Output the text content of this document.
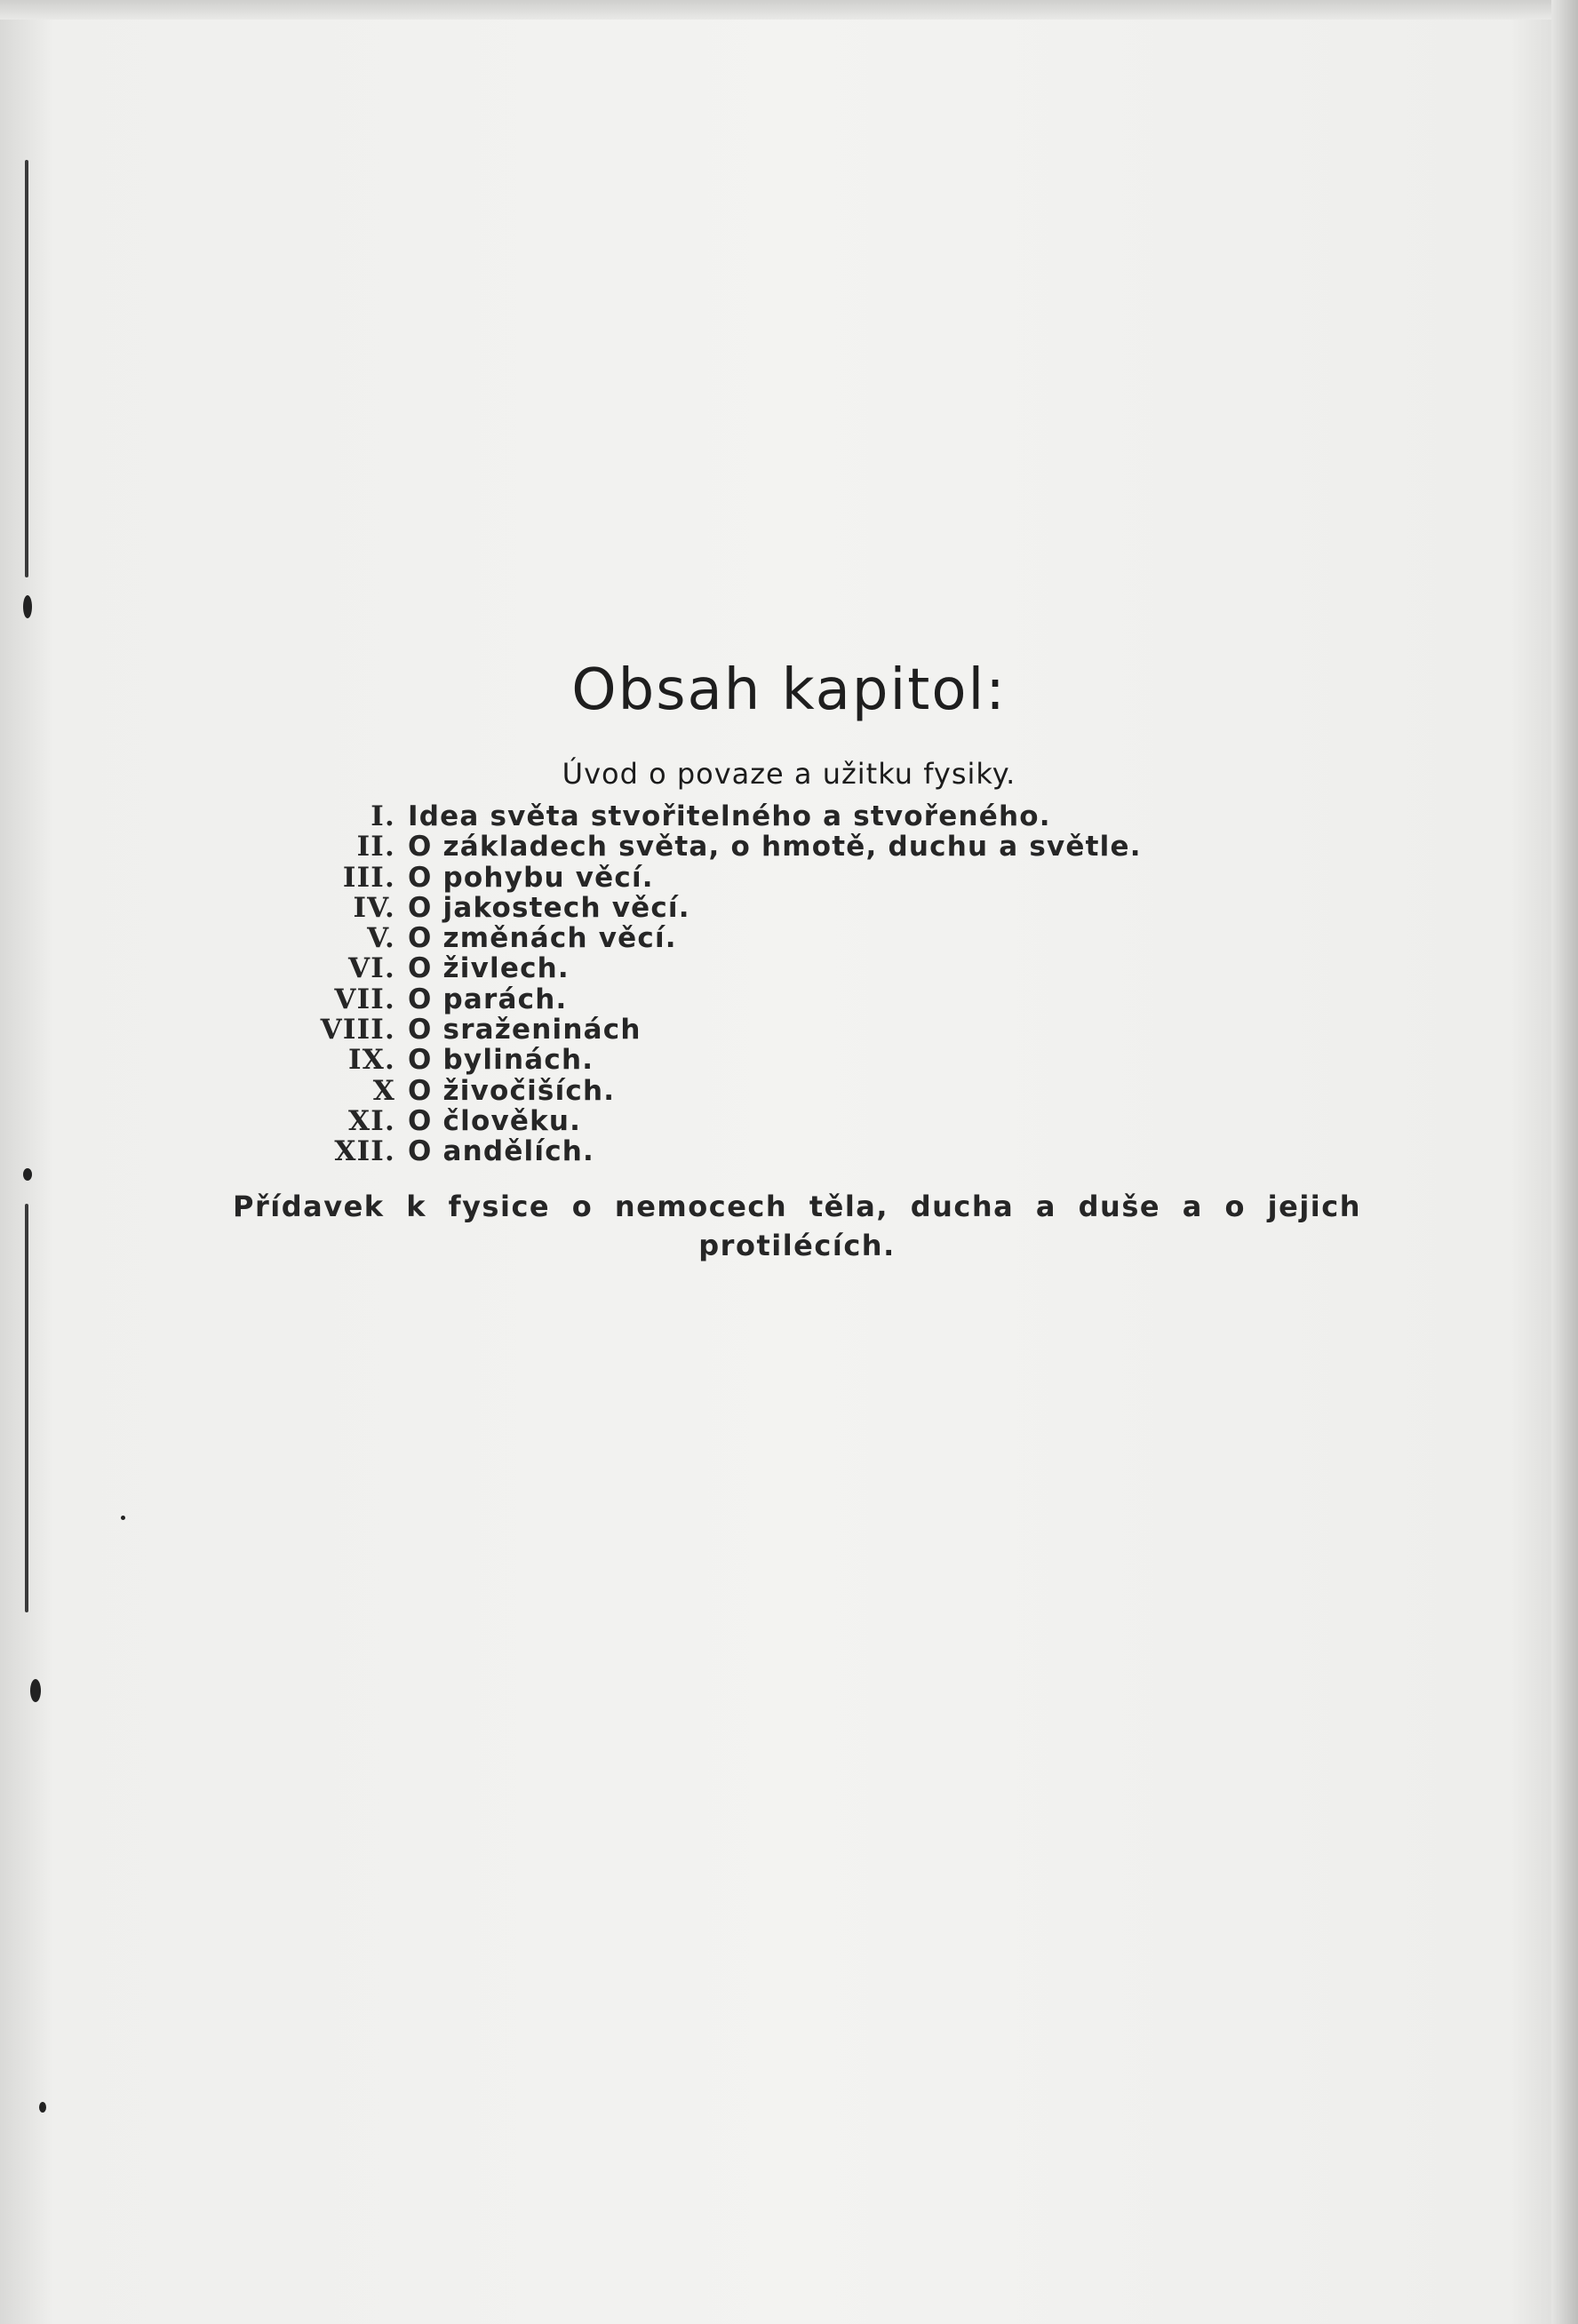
Obsah kapitol:
Úvod o povaze a užitku fysiky.
I. Idea světa stvořitelného a stvořeného.
II. O základech světa, o hmotě, duchu a světle.
III. O pohybu věcí.
IV. O jakostech věcí.
V. O změnách věcí.
VI. O živlech.
VII. O parách.
VIII. O sraženinách
IX. O bylinách.
X O živočiších.
XI. O člověku.
XII. O andělích.
Přídavek k fysice o nemocech těla, ducha a duše a o jejich
protilécích.
